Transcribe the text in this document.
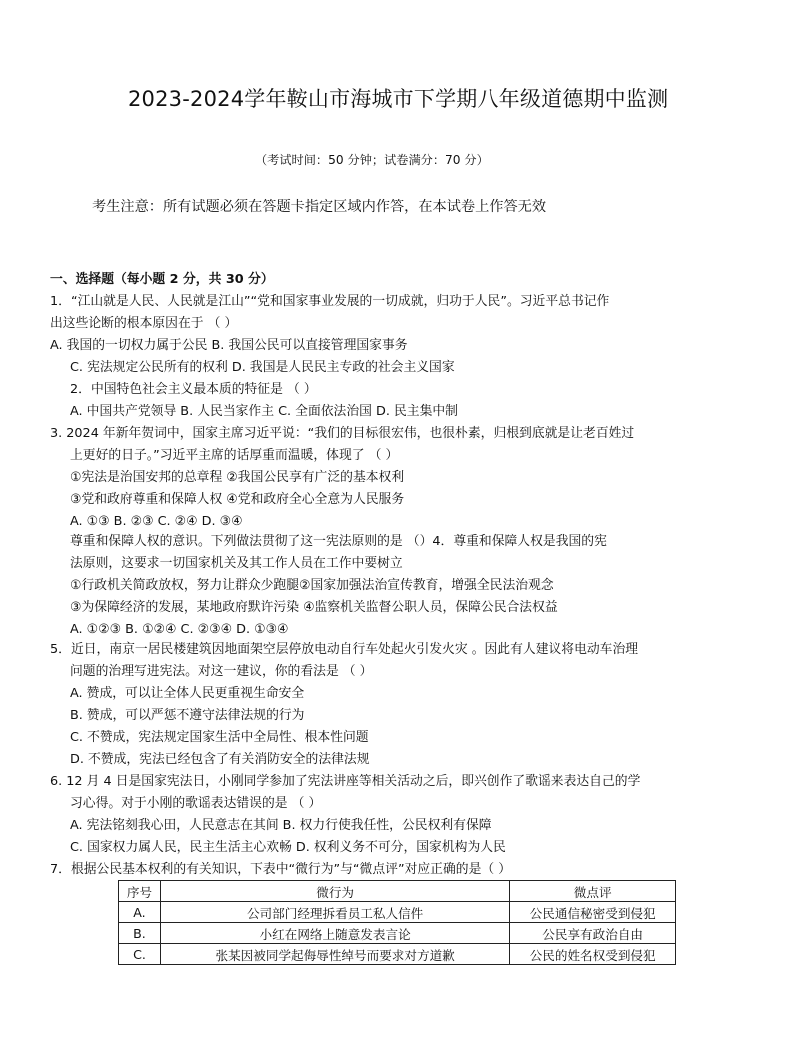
2023-2024学年鞍山市海城市下学期八年级道德期中监测
（考试时间：50 分钟；试卷满分：70 分）
考生注意：所有试题必须在答题卡指定区域内作答，在本试卷上作答无效
一、选择题（每小题 2 分，共 30 分）
1．“江山就是人民、人民就是江山”“党和国家事业发展的一切成就，归功于人民”。习近平总书记作
出这些论断的根本原因在于 （ ）
A. 我国的一切权力属于公民 B. 我国公民可以直接管理国家事务
C. 宪法规定公民所有的权利 D. 我国是人民民主专政的社会主义国家
2．中国特色社会主义最本质的特征是 （ ）
A. 中国共产党领导 B. 人民当家作主 C. 全面依法治国 D. 民主集中制
3. 2024 年新年贺词中，国家主席习近平说：“我们的目标很宏伟，也很朴素，归根到底就是让老百姓过
上更好的日子。”习近平主席的话厚重而温暖，体现了 （ ）
①宪法是治国安邦的总章程 ②我国公民享有广泛的基本权利
③党和政府尊重和保障人权 ④党和政府全心全意为人民服务
A. ①③ B. ②③ C. ②④ D. ③④
尊重和保障人权的意识。下列做法贯彻了这一宪法原则的是 （）4．尊重和保障人权是我国的宪
法原则，这要求一切国家机关及其工作人员在工作中要树立
①行政机关简政放权，努力让群众少跑腿②国家加强法治宣传教育，增强全民法治观念
③为保障经济的发展，某地政府默许污染 ④监察机关监督公职人员，保障公民合法权益
A. ①②③ B. ①②④ C. ②③④ D. ①③④
5．近日，南京一居民楼建筑因地面架空层停放电动自行车处起火引发火灾 。因此有人建议将电动车治理
问题的治理写进宪法。对这一建议，你的看法是 （ ）
A. 赞成，可以让全体人民更重视生命安全
B. 赞成，可以严惩不遵守法律法规的行为
C. 不赞成，宪法规定国家生活中全局性、根本性问题
D. 不赞成，宪法已经包含了有关消防安全的法律法规
6. 12 月 4 日是国家宪法日，小刚同学参加了宪法讲座等相关活动之后，即兴创作了歌谣来表达自己的学
习心得。对于小刚的歌谣表达错误的是 （ ）
A. 宪法铭刻我心田，人民意志在其间 B. 权力行使我任性，公民权利有保障
C. 国家权力属人民，民主生活主心欢畅 D. 权利义务不可分，国家机构为人民
7．根据公民基本权利的有关知识，下表中“微行为”与“微点评”对应正确的是（ ）
序号	微行为	微点评
A.	公司部门经理拆看员工私人信件	公民通信秘密受到侵犯
B.	小红在网络上随意发表言论	公民享有政治自由
C.	张某因被同学起侮辱性绰号而要求对方道歉	公民的姓名权受到侵犯
